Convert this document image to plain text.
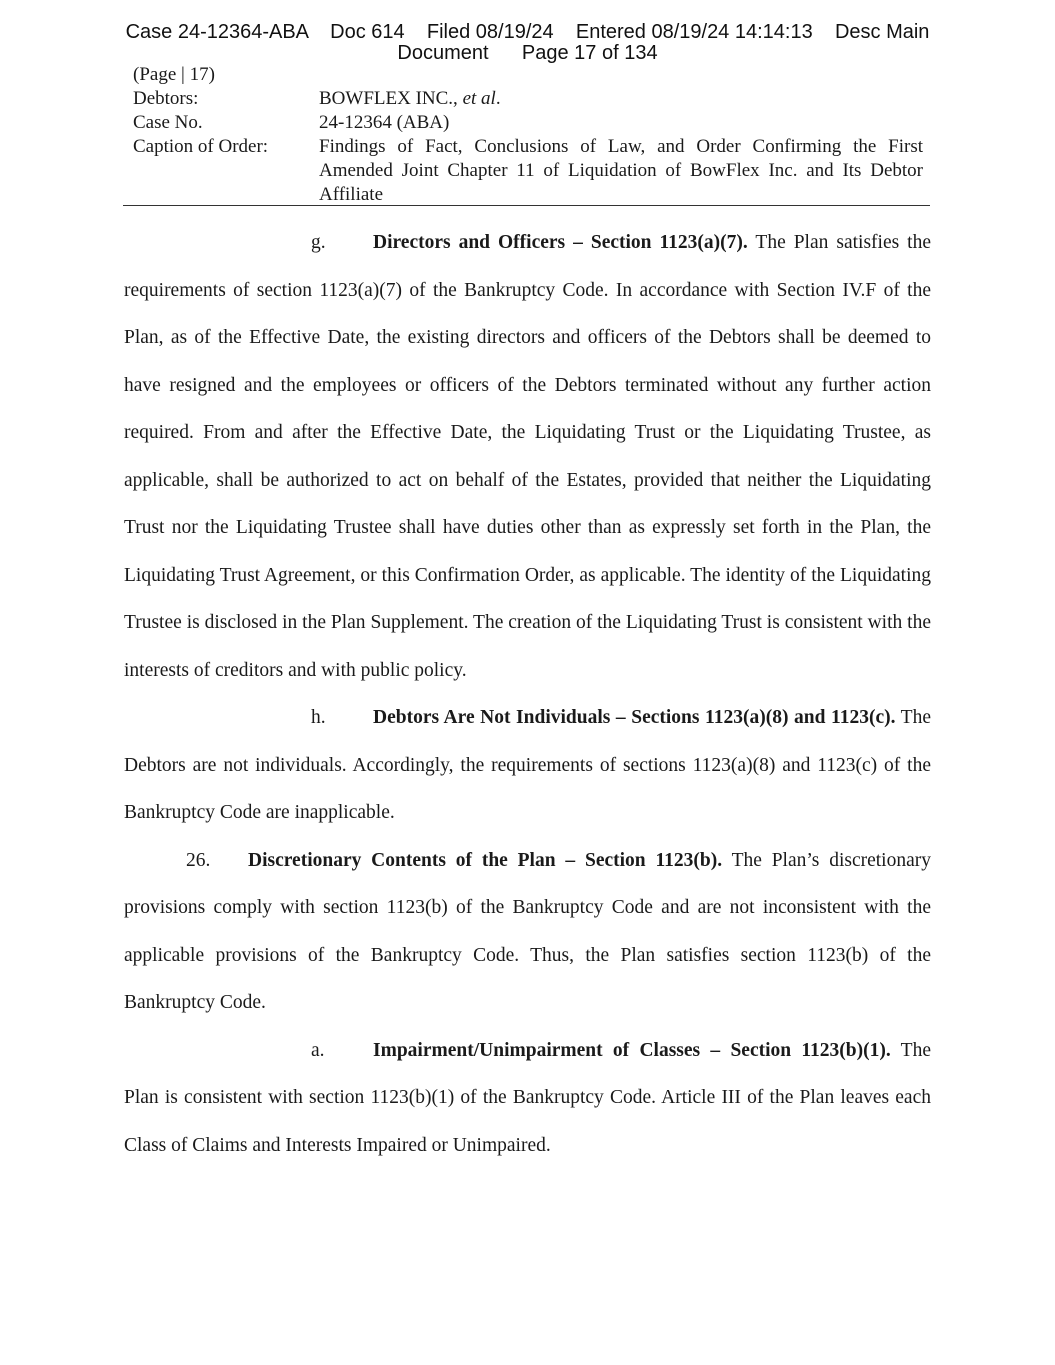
Case 24-12364-ABA    Doc 614    Filed 08/19/24    Entered 08/19/24 14:14:13    Desc Main
Document      Page 17 of 134
(Page | 17)
Debtors:	BOWFLEX INC., et al.
Case No.	24-12364 (ABA)
Caption of Order:	Findings of Fact, Conclusions of Law, and Order Confirming the First Amended Joint Chapter 11 of Liquidation of BowFlex Inc. and Its Debtor Affiliate

g. Directors and Officers – Section 1123(a)(7). The Plan satisfies the requirements of section 1123(a)(7) of the Bankruptcy Code. In accordance with Section IV.F of the Plan, as of the Effective Date, the existing directors and officers of the Debtors shall be deemed to have resigned and the employees or officers of the Debtors terminated without any further action required. From and after the Effective Date, the Liquidating Trust or the Liquidating Trustee, as applicable, shall be authorized to act on behalf of the Estates, provided that neither the Liquidating Trust nor the Liquidating Trustee shall have duties other than as expressly set forth in the Plan, the Liquidating Trust Agreement, or this Confirmation Order, as applicable. The identity of the Liquidating Trustee is disclosed in the Plan Supplement. The creation of the Liquidating Trust is consistent with the interests of creditors and with public policy.

h. Debtors Are Not Individuals – Sections 1123(a)(8) and 1123(c). The Debtors are not individuals. Accordingly, the requirements of sections 1123(a)(8) and 1123(c) of the Bankruptcy Code are inapplicable.

26. Discretionary Contents of the Plan – Section 1123(b). The Plan’s discretionary provisions comply with section 1123(b) of the Bankruptcy Code and are not inconsistent with the applicable provisions of the Bankruptcy Code. Thus, the Plan satisfies section 1123(b) of the Bankruptcy Code.

a. Impairment/Unimpairment of Classes – Section 1123(b)(1). The Plan is consistent with section 1123(b)(1) of the Bankruptcy Code. Article III of the Plan leaves each Class of Claims and Interests Impaired or Unimpaired.
